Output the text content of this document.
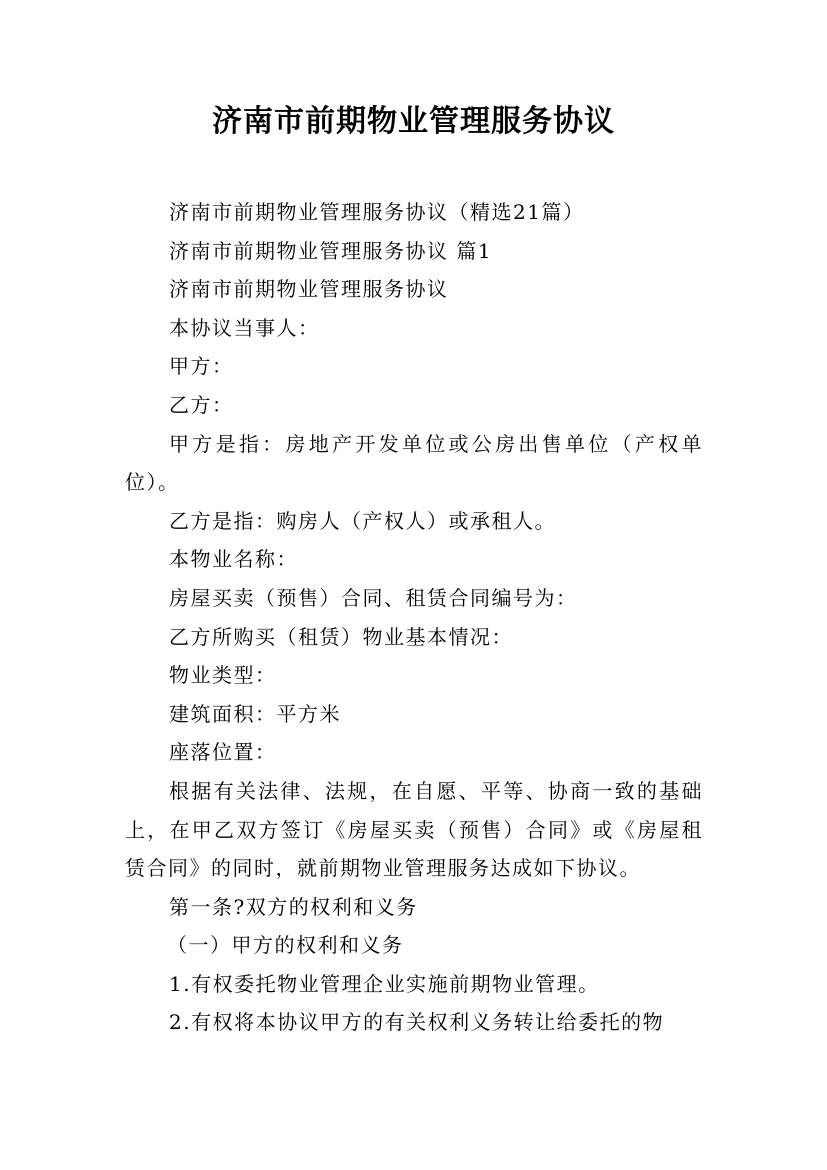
济南市前期物业管理服务协议

济南市前期物业管理服务协议（精选21篇）

济南市前期物业管理服务协议 篇1

济南市前期物业管理服务协议

本协议当事人：

甲方：

乙方：

甲方是指：房地产开发单位或公房出售单位（产权单位）。

乙方是指：购房人（产权人）或承租人。

本物业名称：

房屋买卖（预售）合同、租赁合同编号为：

乙方所购买（租赁）物业基本情况：

物业类型：

建筑面积：平方米

座落位置：

根据有关法律、法规，在自愿、平等、协商一致的基础上，在甲乙双方签订《房屋买卖（预售）合同》或《房屋租赁合同》的同时，就前期物业管理服务达成如下协议。

第一条?双方的权利和义务

（一）甲方的权利和义务

1.有权委托物业管理企业实施前期物业管理。

2.有权将本协议甲方的有关权利义务转让给委托的物
